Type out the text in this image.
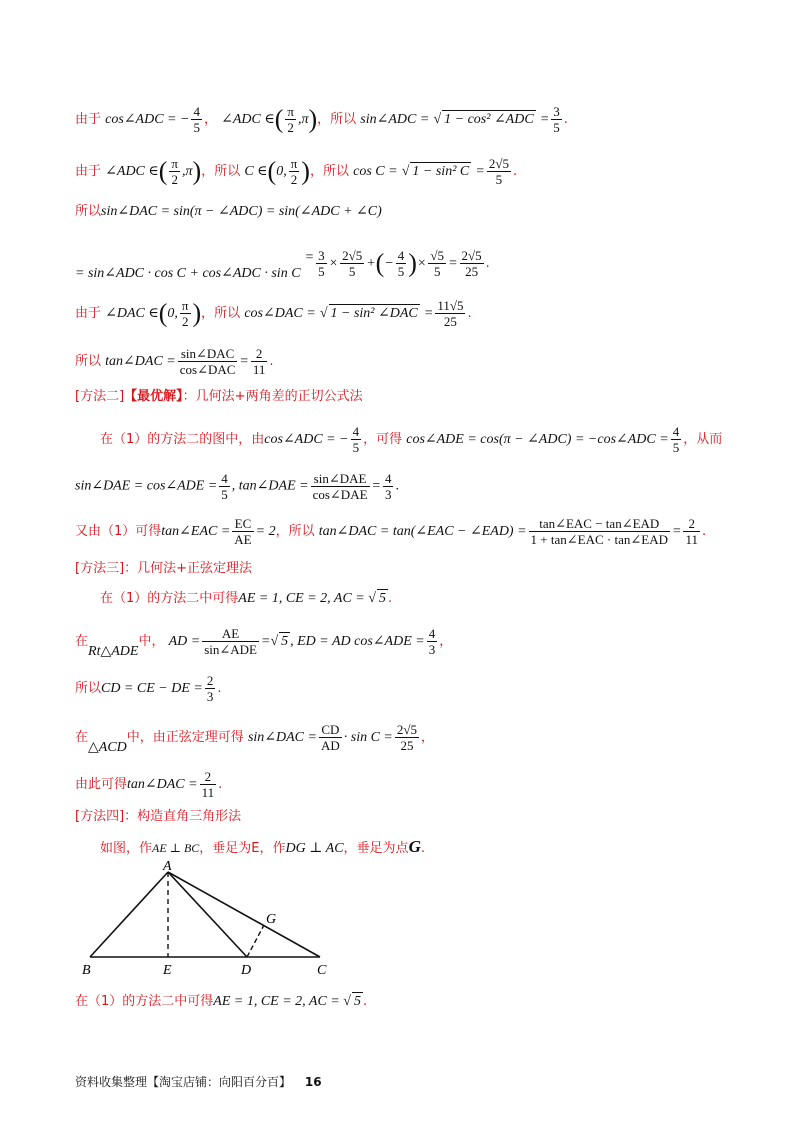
由于 cos∠ADC = − $\frac{4}{5}$ ， ∠ADC ∈( $\frac{\pi}{2} ,\pi$)，所以 sin∠ADC = √ 1 − cos² ∠ADC = $\frac{3}{5}$ .
由于 ∠ADC ∈( $\frac{\pi}{2} ,\pi$)，所以 C ∈(0, $\frac{\pi}{2}$ )，所以 cos C = √ 1 − sin² $C = \frac{2√5}{5}$ .
所以sin∠DAC = sin(π − ∠ADC) = sin(∠ADC + ∠C)
= sin∠ADC · cos C + cos∠ADC · $\sin C = \frac{3}{5} \times \frac{2√5}{5}$ +(− $\frac{4}{5}$ )× $\frac{√5}{5} = \frac{2√5}{25}$ .
由于 ∠DAC ∈(0, $\frac{\pi}{2}$ )，所以 cos∠DAC = √ 1 − sin² ∠DAC = $\frac{11√5}{25}$ .
所以 tan∠DAC = $\frac{\text{sin∠DAC}}{\text{cos∠DAC}} = \frac{2}{11}$ .
[方法二]【最优解】：几何法+两角差的正切公式法
在（1）的方法二的图中，由cos∠ADC = − $\frac{4}{5}$ ，可得 cos∠ADE = cos(π − ∠ADC) = −cos∠ADC = $\frac{4}{5}$ ，从而
sin∠DAE = cos∠ADE = $\frac{4}{5}$ , tan∠DAE = $\frac{\text{sin∠DAE}}{\text{cos∠DAE}} = \frac{4}{3}$ .
又由（1）可得tan∠EAC = $\frac{EC}{AE} = 2$，所以 tan∠DAC = tan(∠EAC − ∠EAD) = $\frac{\text{tan∠EAC − tan∠EAD}}{\text{1 + tan∠EAC · tan∠EAD}} = \frac{2}{11}$ .
[方法三]：几何法+正弦定理法
在（1）的方法二中可得AE = 1, CE = 2, AC = √ 5 .
在Rt△ADE中， AD = $\frac{AE}{\text{sin∠ADE}}$ =√ 5 , ED = AD cos∠ADE = $\frac{4}{3}$ ，
所以CD = CE − DE = $\frac{2}{3}$ .
在△ACD中，由正弦定理可得 sin∠DAC = $\frac{CD}{AD} \cdot \sin C = \frac{2√5}{25}$ ，
由此可得tan∠DAC = $\frac{2}{11}$ .
[方法四]：构造直角三角形法
如图，作AE ⊥ BC，垂足为E，作DG ⊥ AC，垂足为点G.
A
B	E	D	C
G
在（1）的方法二中可得AE = 1, CE = 2, AC = √ 5 .
资料收集整理【淘宝店铺：向阳百分百】 16
